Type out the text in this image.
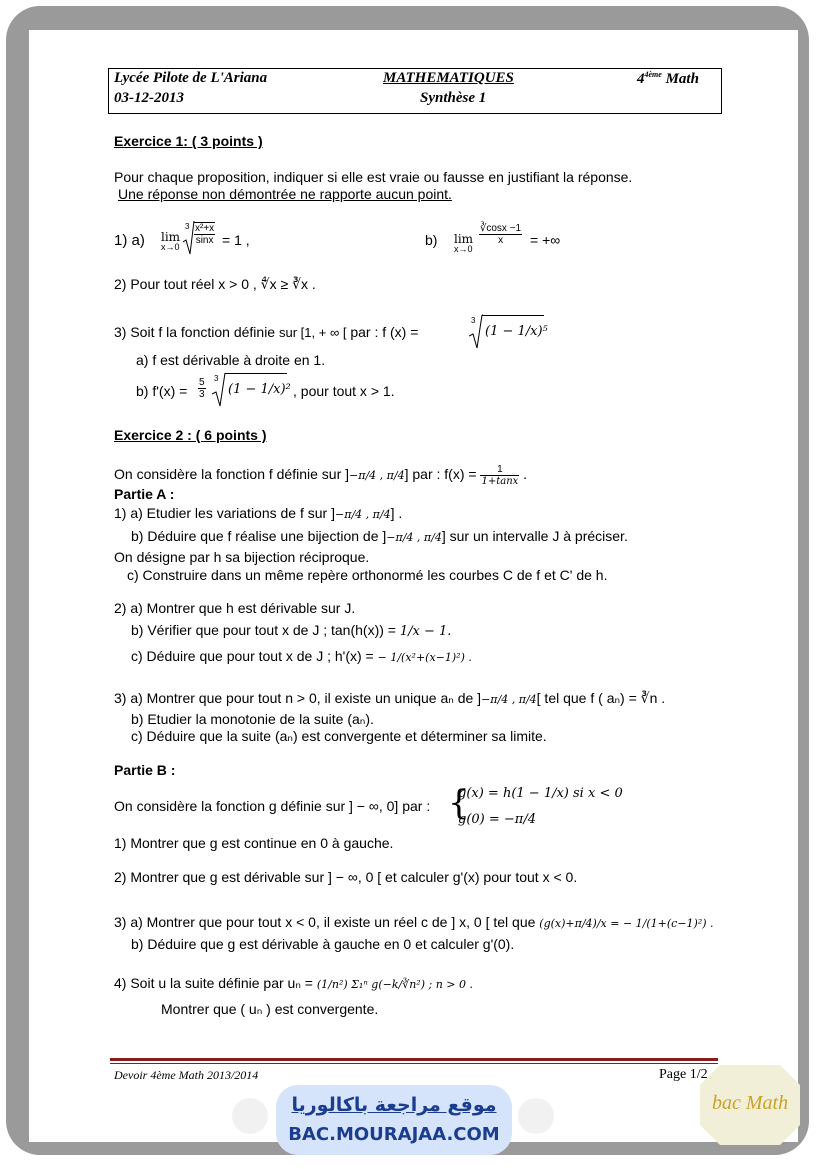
Lycée Pilote de L'Ariana
03-12-2013
MATHEMATIQUES
Synthèse 1
$4^{4ème}$ Math
Exercice 1: ( 3 points )
Pour chaque proposition, indiquer si elle est vraie ou fausse en justifiant la réponse.
Une réponse non démontrée ne rapporte aucun point.
1) a) lim
x→0
$3 \frac{\text{x²+x}}{\sin x} = 1$ ,	b) lim
x→0
$\frac{∛\cos x -1}{x}$ = +∞
2) Pour tout réel x > 0 , ∜x ≥ ∛x .
3) Soit f la fonction définie sur [1, + ∞ [ par : f (x) =
3
(1 − 1/x)⁵
a) f est dérivable à droite en 1.
b) $f'(x) = \frac{5}{3} 3$
(1 − 1/x)² , pour tout x > 1.
Exercice 2 : ( 6 points )
On considère la fonction f définie sur ]−π/4 , π/4] par : $f(x) = \frac{1}{1+\tan x}$ .
Partie A :
1) a) Etudier les variations de f sur ]−π/4 , π/4] .
b) Déduire que f réalise une bijection de ]−π/4 , π/4] sur un intervalle J à préciser.
On désigne par h sa bijection réciproque.
c) Construire dans un même repère orthonormé les courbes C de f et C' de h.
2) a) Montrer que h est dérivable sur J.
b) Vérifier que pour tout x de J ; tan(h(x)) = 1/x − 1.
c) Déduire que pour tout x de J ; h'(x) = − 1/(x²+(x−1)²) .
3) a) Montrer que pour tout n > 0, il existe un unique aₙ de ]−π/4 , π/4[ tel que f ( aₙ) = ∛n .
b) Etudier la monotonie de la suite (aₙ).
c) Déduire que la suite (aₙ) est convergente et déterminer sa limite.
Partie B :
On considère la fonction g définie sur ] − ∞, 0] par : {
g(x) = h(1 − 1/x) si x < 0
g(0) = −π/4
1) Montrer que g est continue en 0 à gauche.
2) Montrer que g est dérivable sur ] − ∞, 0 [ et calculer g'(x) pour tout x < 0.
3) a) Montrer que pour tout x < 0, il existe un réel c de ] x, 0 [ tel que (g(x)+π/4)/x = − 1/(1+(c−1)²) .
b) Déduire que g est dérivable à gauche en 0 et calculer g'(0).
4) Soit u la suite définie par uₙ = (1/n²) Σ₁ⁿ g(−k/∛n²) ; n > 0 .
Montrer que ( uₙ ) est convergente.
Devoir 4ème Math 2013/2014	Page 1/2
موقع مراجعة باكالوريا
BAC.MOURAJAA.COM
bac Math
